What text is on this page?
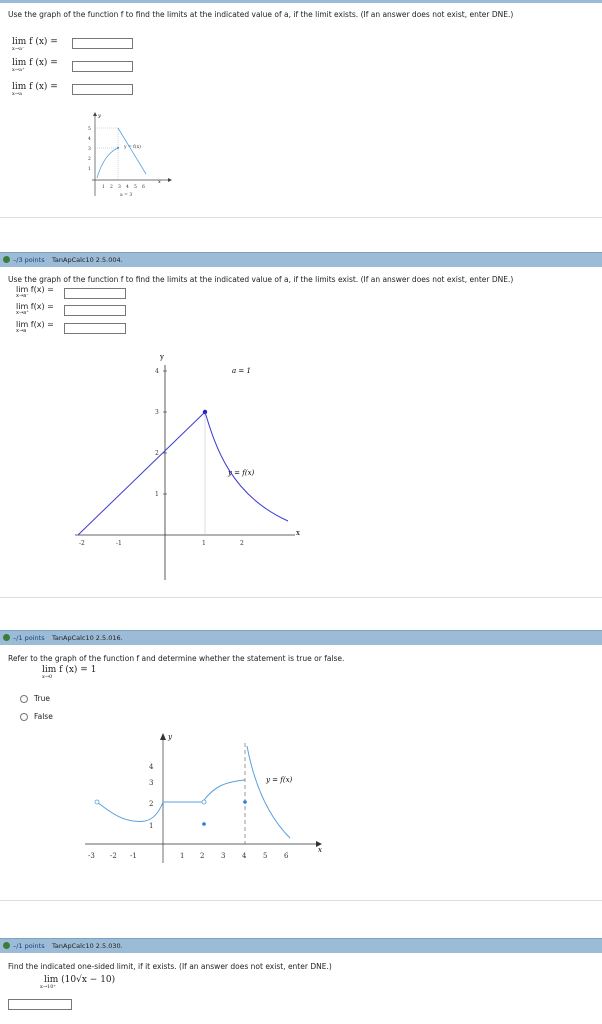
Use the graph of the function f to find the limits at the indicated value of a, if the limit exists. (If an answer does not exist, enter DNE.)
lim f (x) =
x→a⁻
lim f (x) =
x→a⁺
lim f (x) =
x→a
y
x
5
4
3
2
1
1 2 3 4 5 6
y = f(x)
a = 3
–/3 points TanApCalc10 2.5.004.
Use the graph of the function f to find the limits at the indicated value of a, if the limits exist. (If an answer does not exist, enter DNE.)
lim f(x) =
x→a⁻
lim f(x) =
x→a⁺
lim f(x) =
x→a
y
x
4
3
2
1
-2	-1	1	2
a = 1
y = f(x)
–/1 points TanApCalc10 2.5.016.
Refer to the graph of the function f and determine whether the statement is true or false.
lim f (x) = 1
x→0
True
False
y
x
4
3
2
1
-3 -2 -1	1 2 3 4 5 6
y = f(x)
–/1 points TanApCalc10 2.5.030.
Find the indicated one-sided limit, if it exists. (If an answer does not exist, enter DNE.)
lim (10√x − 10)
x→10⁺
